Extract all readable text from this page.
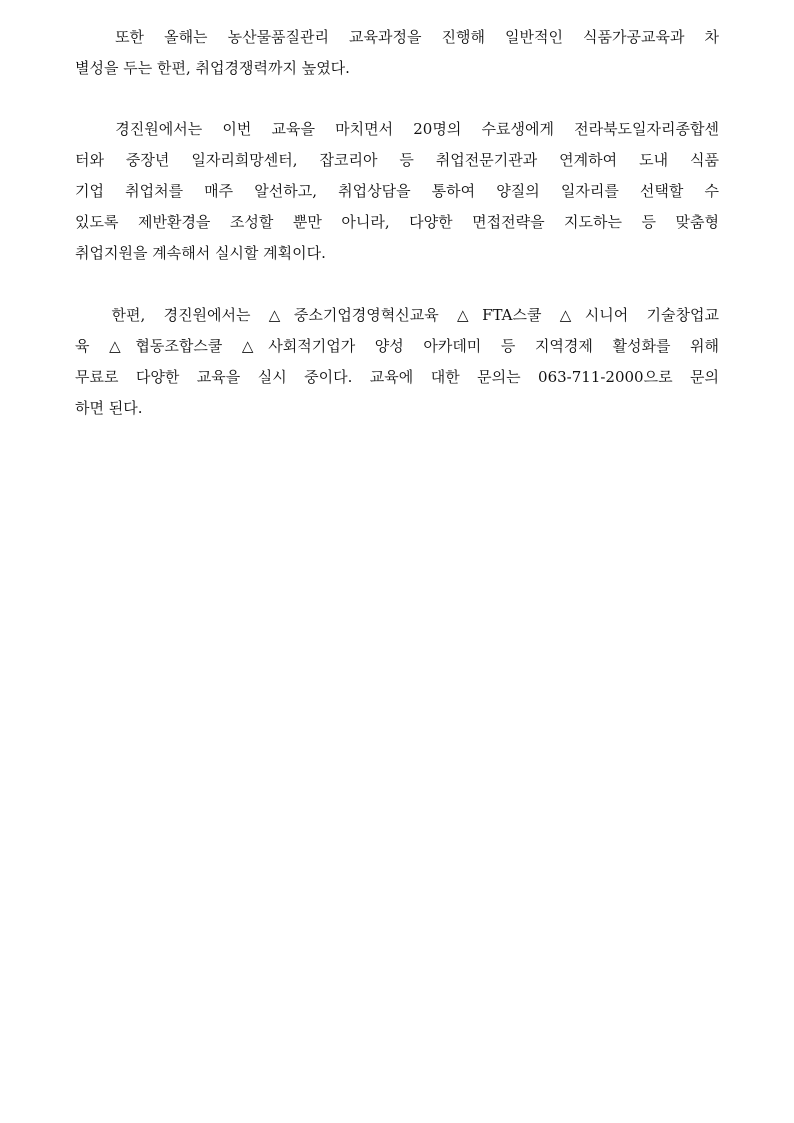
또한 올해는 농산물품질관리 교육과정을 진행해 일반적인 식품가공교육과 차
별성을 두는 한편, 취업경쟁력까지 높였다.
경진원에서는 이번 교육을 마치면서 20명의 수료생에게 전라북도일자리종합센
터와 중장년 일자리희망센터, 잡코리아 등 취업전문기관과 연계하여 도내 식품
기업 취업처를 매주 알선하고, 취업상담을 통하여 양질의 일자리를 선택할 수
있도록 제반환경을 조성할 뿐만 아니라, 다양한 면접전략을 지도하는 등 맞춤형
취업지원을 계속해서 실시할 계획이다.
한편, 경진원에서는 △중소기업경영혁신교육 △FTA스쿨 △시니어 기술창업교
육 △협동조합스쿨 △사회적기업가 양성 아카데미 등 지역경제 활성화를 위해
무료로 다양한 교육을 실시 중이다. 교육에 대한 문의는 063-711-2000으로 문의
하면 된다.
